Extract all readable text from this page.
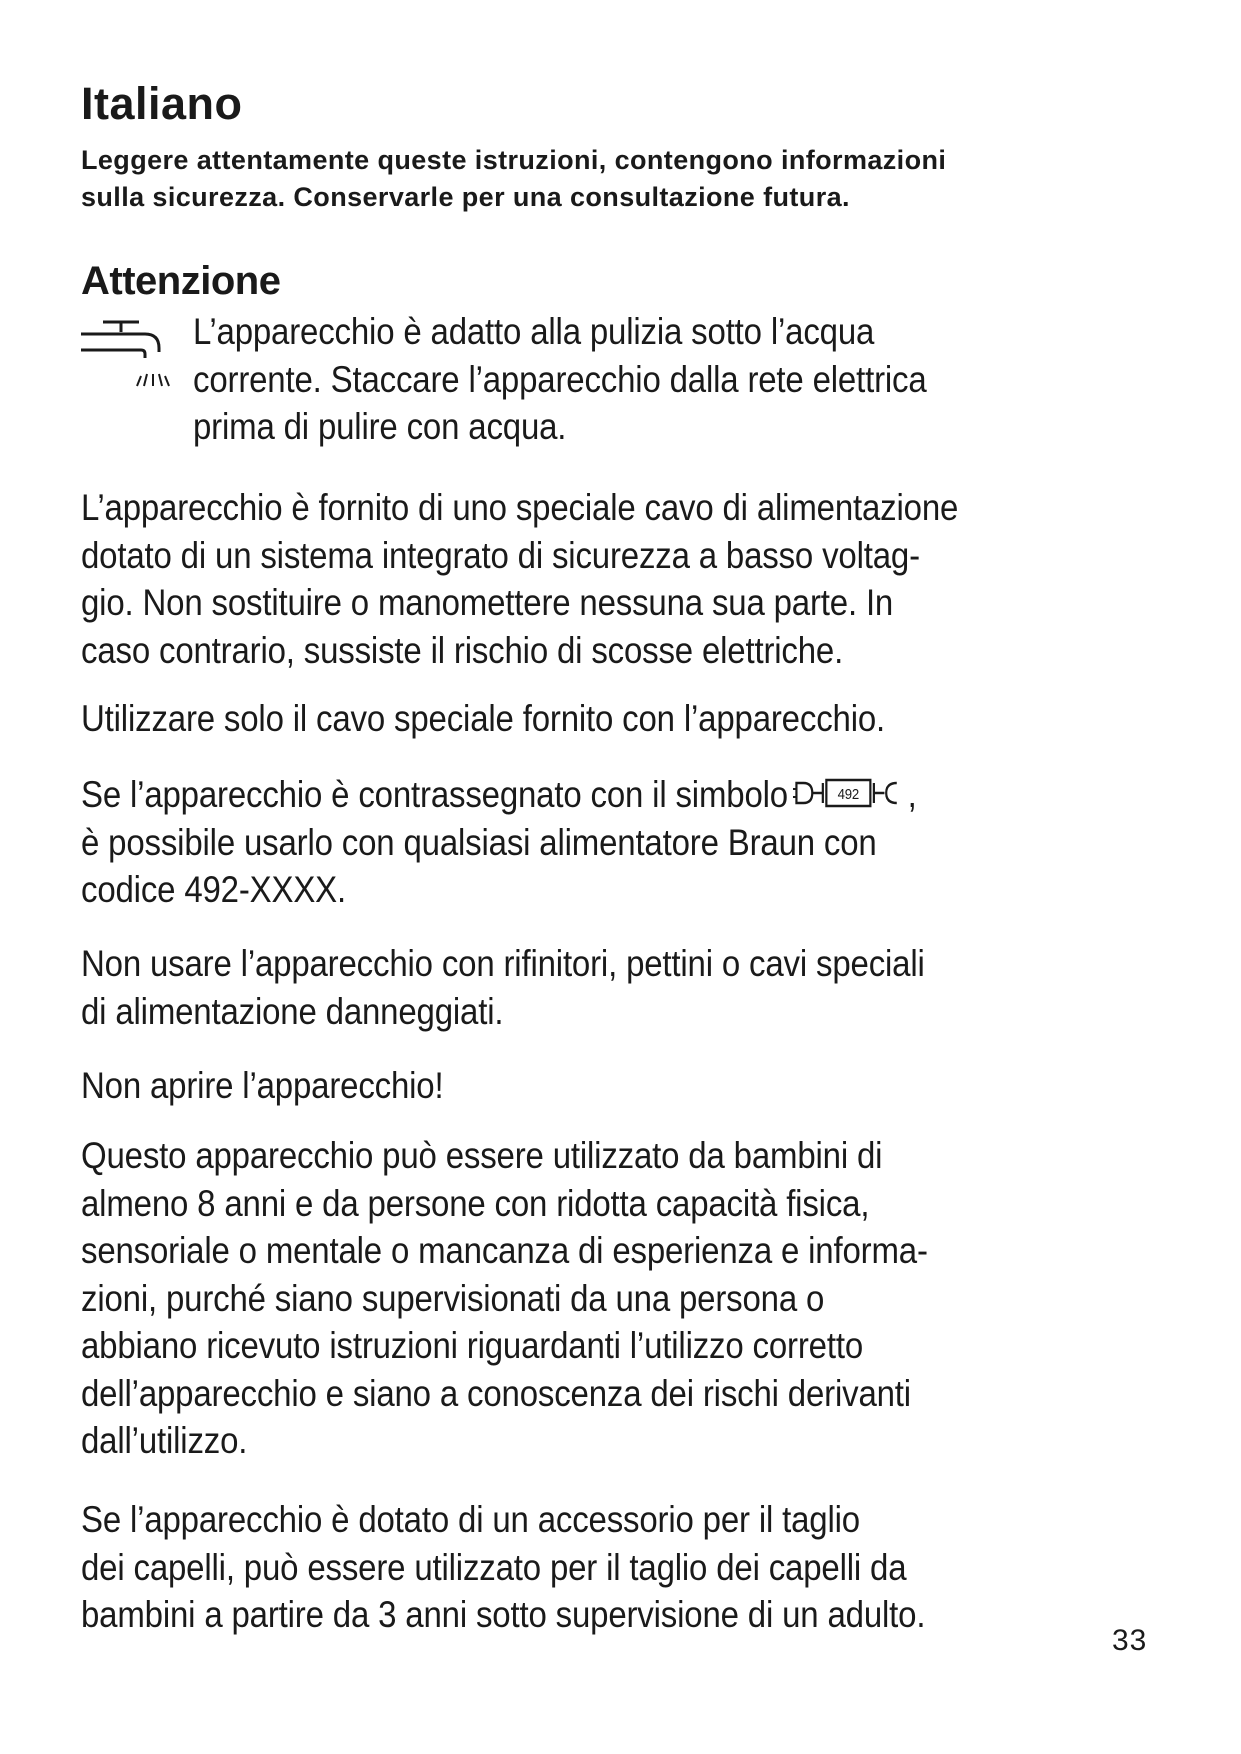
Italiano
Leggere attentamente queste istruzioni, contengono informazioni
sulla sicurezza. Conservarle per una consultazione futura.
Attenzione

L’apparecchio è adatto alla pulizia sotto l’acqua
corrente. Staccare l’apparecchio dalla rete elettrica
prima di pulire con acqua.

L’apparecchio è fornito di uno speciale cavo di alimentazione
dotato di un sistema integrato di sicurezza a basso voltag-
gio. Non sostituire o manomettere nessuna sua parte. In
caso contrario, sussiste il rischio di scosse elettriche.

Utilizzare solo il cavo speciale fornito con l’apparecchio.

Se l’apparecchio è contrassegnato con il simbolo	492 ,
è possibile usarlo con qualsiasi alimentatore Braun con
codice 492-XXXX.

Non usare l’apparecchio con rifinitori, pettini o cavi speciali
di alimentazione danneggiati.

Non aprire l’apparecchio!

Questo apparecchio può essere utilizzato da bambini di
almeno 8 anni e da persone con ridotta capacità fisica,
sensoriale o mentale o mancanza di esperienza e informa-
zioni, purché siano supervisionati da una persona o
abbiano ricevuto istruzioni riguardanti l’utilizzo corretto
dell’apparecchio e siano a conoscenza dei rischi derivanti
dall’utilizzo.

Se l’apparecchio è dotato di un accessorio per il taglio
dei capelli, può essere utilizzato per il taglio dei capelli da
bambini a partire da 3 anni sotto supervisione di un adulto.

33
